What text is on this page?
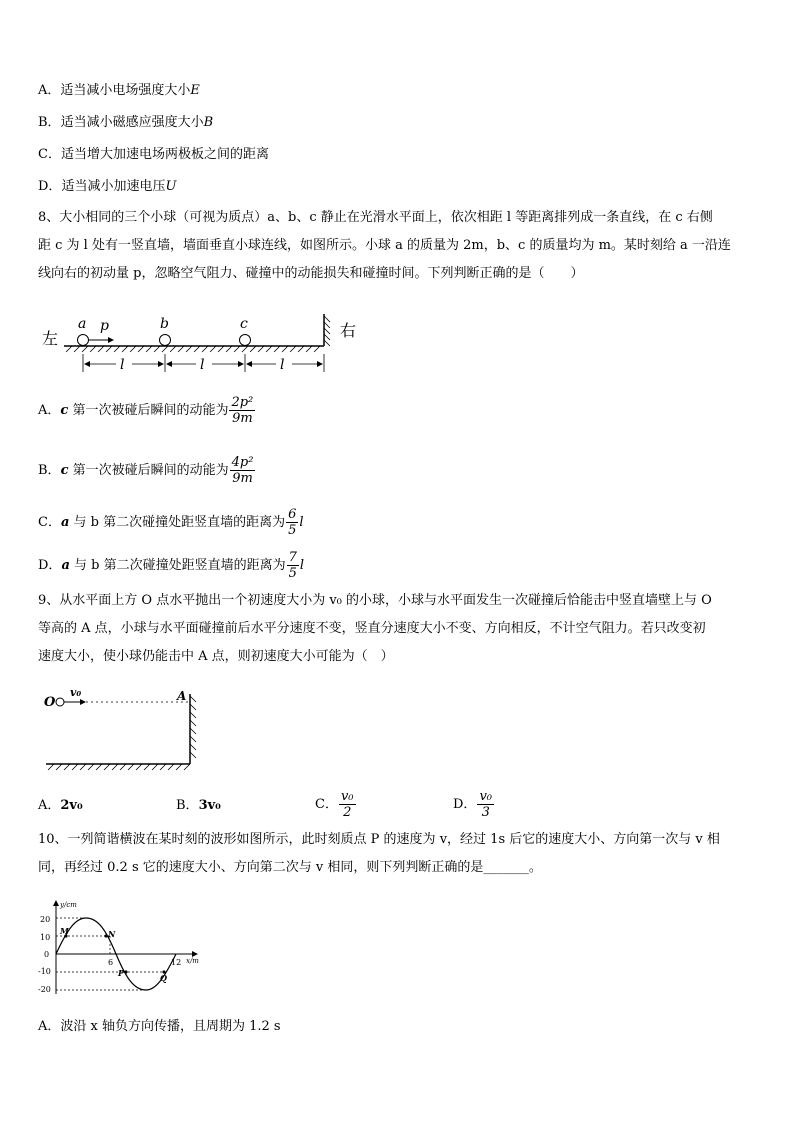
A．适当减小电场强度大小E
B．适当减小磁感应强度大小B
C．适当增大加速电场两极板之间的距离
D．适当减小加速电压U
8、大小相同的三个小球（可视为质点）a、b、c 静止在光滑水平面上，依次相距 l 等距离排列成一条直线，在 c 右侧
距 c 为 l 处有一竖直墙，墙面垂直小球连线，如图所示。小球 a 的质量为 2m，b、c 的质量均为 m。某时刻给 a 一沿连
线向右的初动量 p，忽略空气阻力、碰撞中的动能损失和碰撞时间。下列判断正确的是（　　）
左	右
a	b	c
p
l	l	l
A．c 第一次被碰后瞬间的动能为 $\frac{\text{2p²}}{9m}$
B．c 第一次被碰后瞬间的动能为 $\frac{\text{4p²}}{9m}$
C．a 与 b 第二次碰撞处距竖直墙的距离为 $\frac{6}{5}$ l
D．a 与 b 第二次碰撞处距竖直墙的距离为 $\frac{7}{5}$ l
9、从水平面上方 O 点水平抛出一个初速度大小为 v₀ 的小球，小球与水平面发生一次碰撞后恰能击中竖直墙壁上与 O
等高的 A 点，小球与水平面碰撞前后水平分速度不变，竖直分速度大小不变、方向相反，不计空气阻力。若只改变初
速度大小，使小球仍能击中 A 点，则初速度大小可能为（　）
O
v₀	A
A．2v₀	B．3v₀	C． $\frac{\text{v₀}}{2}$	D． $\frac{\text{v₀}}{3}$
10、一列简谐横波在某时刻的波形如图所示，此时刻质点 P 的速度为 v，经过 1s 后它的速度大小、方向第一次与 v 相
同，再经过 0.2 s 它的速度大小、方向第二次与 v 相同，则下列判断正确的是_______。
y/cm
x/m
20
10
0
-10
-20
6	12
M	N
P	Q
A．波沿 x 轴负方向传播，且周期为 1.2 s
